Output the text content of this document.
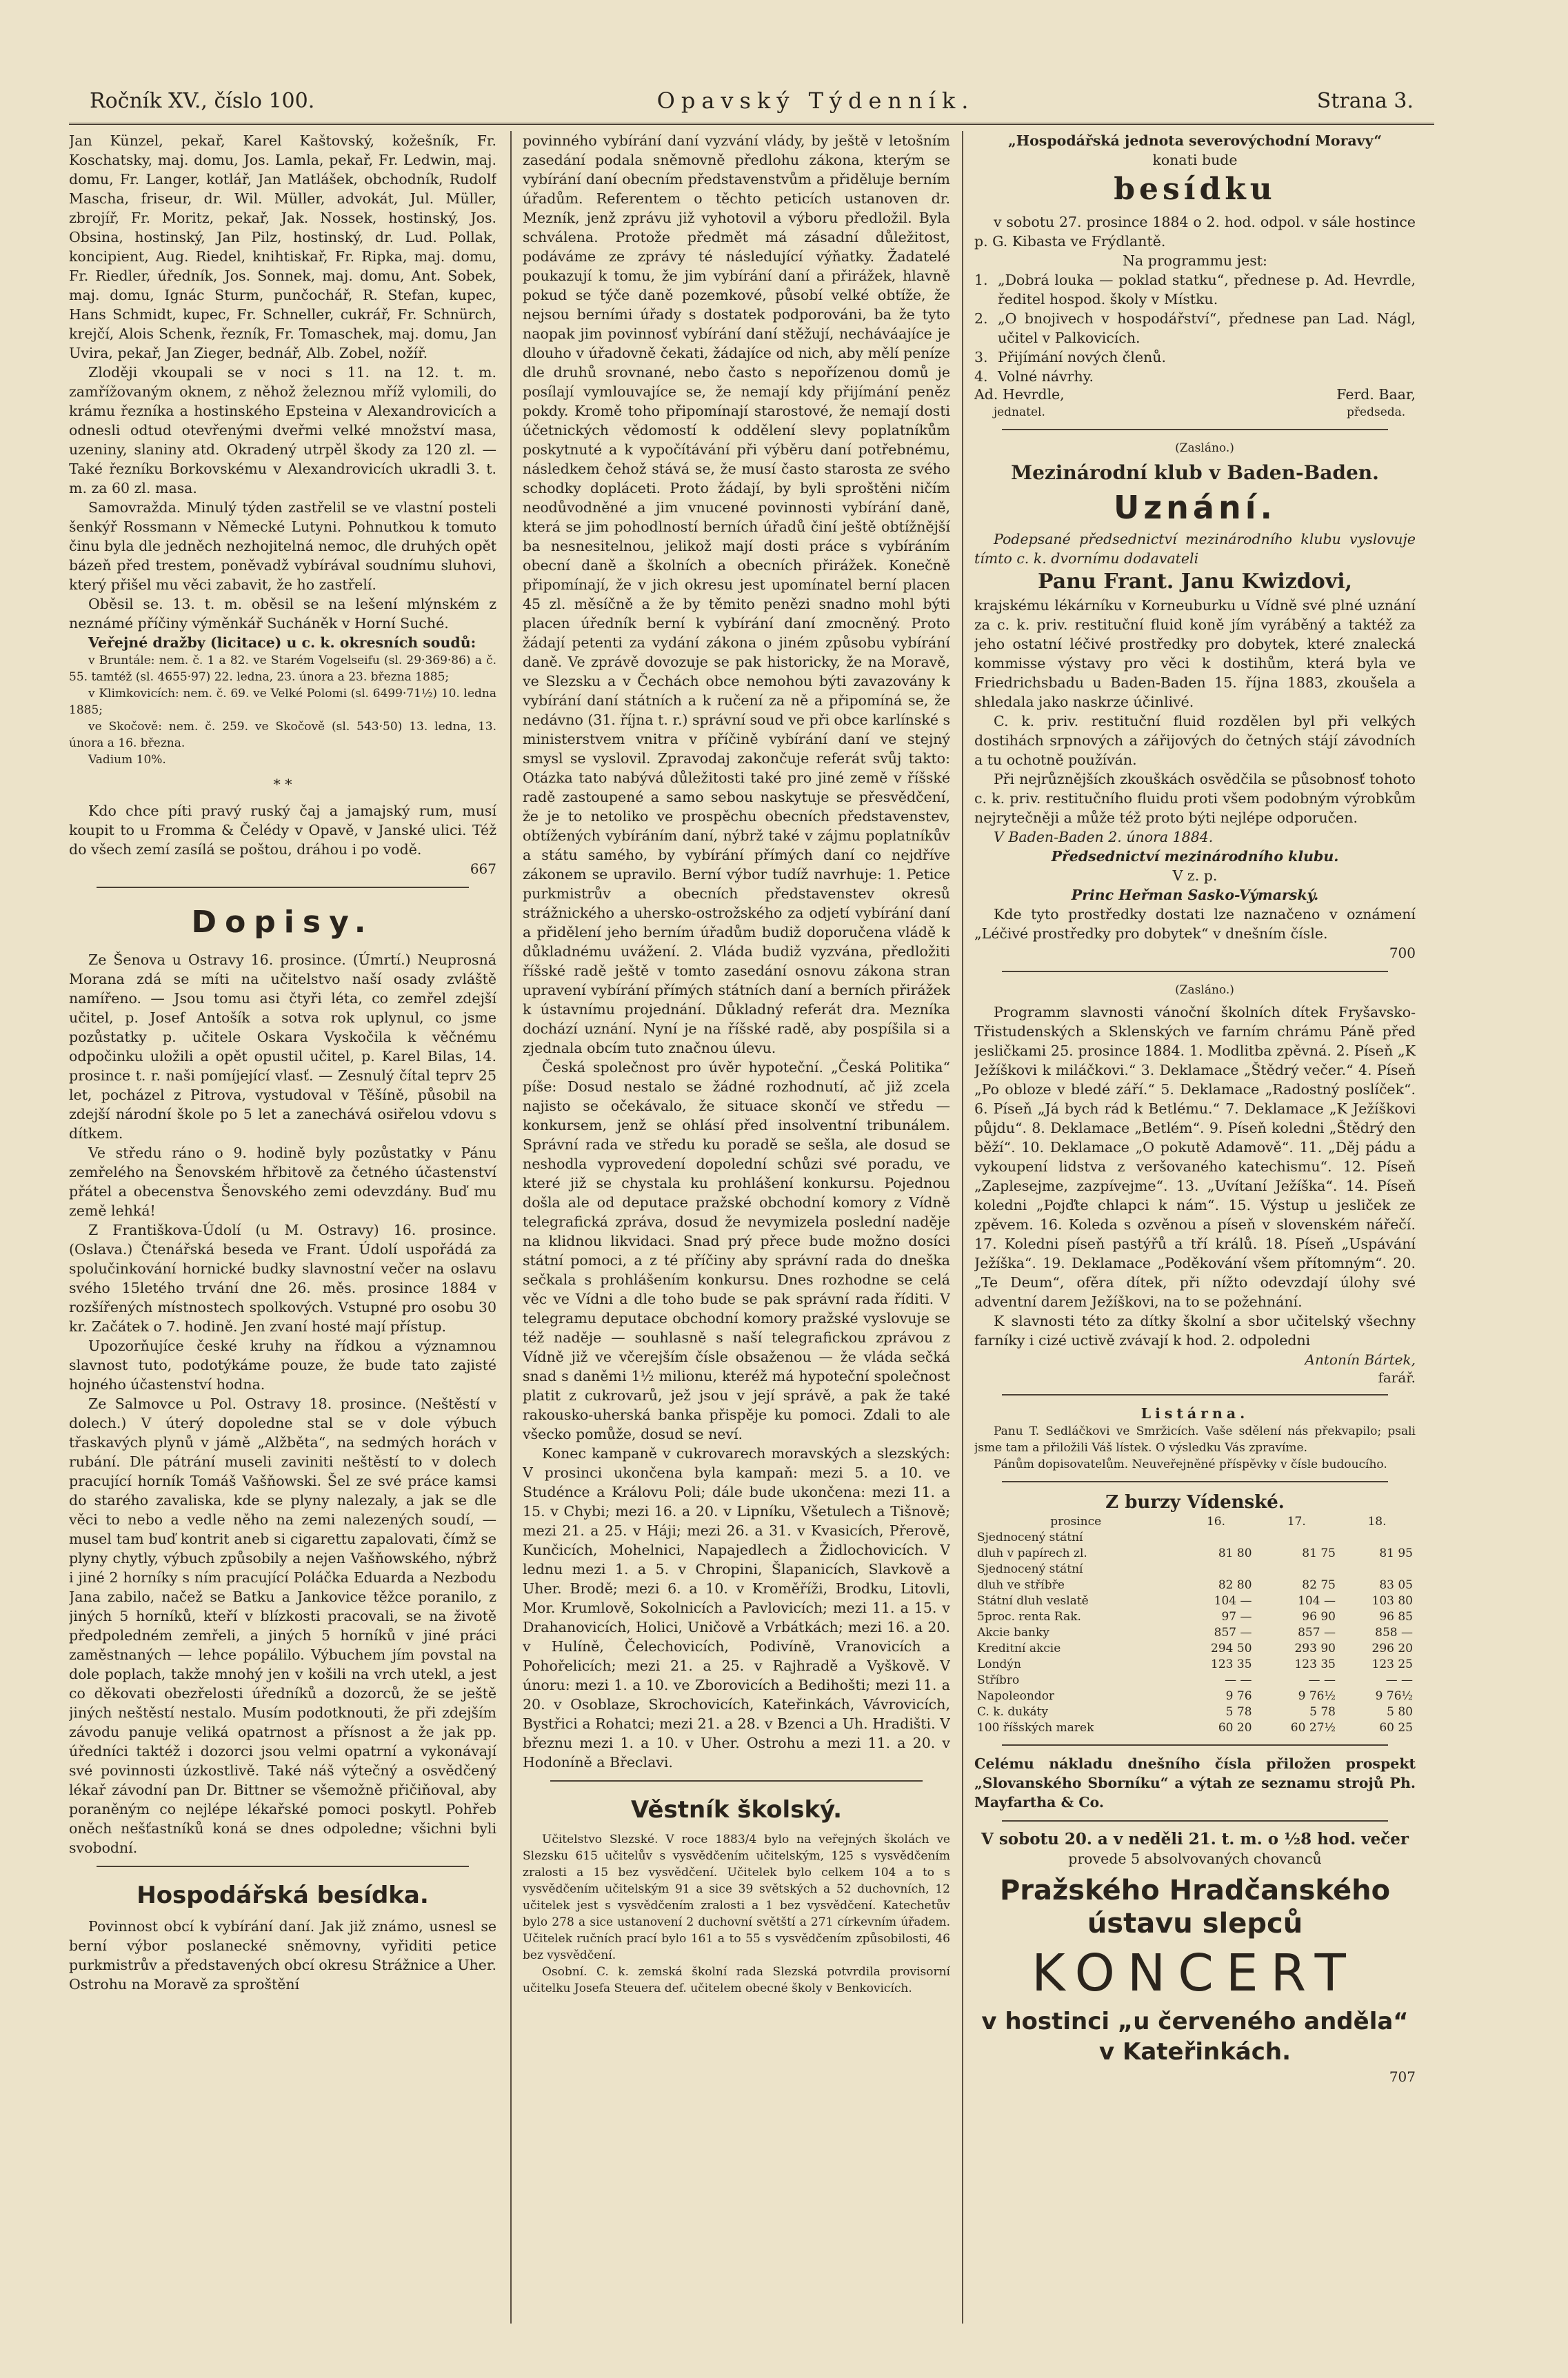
Ročník XV., číslo 100.	Opavský Týdenník.	Strana 3.

Jan Künzel, pekař, Karel Kaštovský, kožešník, Fr. Koschatsky, maj. domu, Jos. Lamla, pekař, Fr. Ledwin, maj. domu, Fr. Langer, kotlář, Jan Matlášek, obchodník, Rudolf Mascha, friseur, dr. Wil. Müller, advokát, Jul. Müller, zbrojíř, Fr. Moritz, pekař, Jak. Nossek, hostinský, Jos. Obsina, hostinský, Jan Pilz, hostinský, dr. Lud. Pollak, koncipient, Aug. Riedel, knihtiskař, Fr. Ripka, maj. domu, Fr. Riedler, úředník, Jos. Sonnek, maj. domu, Ant. Sobek, maj. domu, Ignác Sturm, punčochář, R. Stefan, kupec, Hans Schmidt, kupec, Fr. Schneller, cukrář, Fr. Schnürch, krejčí, Alois Schenk, řezník, Fr. Tomaschek, maj. domu, Jan Uvira, pekař, Jan Zieger, bednář, Alb. Zobel, nožíř.

Zloději vkoupali se v noci s 11. na 12. t. m. zamřížovaným oknem, z něhož železnou mříž vylomili, do krámu řezníka a hostinského Epsteina v Alexandrovicích a odnesli odtud otevřenými dveřmi velké množství masa, uzeniny, slaniny atd. Okradený utrpěl škody za 120 zl. — Také řezníku Borkovskému v Alexandrovicích ukradli 3. t. m. za 60 zl. masa.

Samovražda. Minulý týden zastřelil se ve vlastní posteli šenkýř Rossmann v Německé Lutyni. Pohnutkou k tomuto činu byla dle jedněch nezhojitelná nemoc, dle druhých opět bázeň před trestem, poněvadž vybírával soudnímu sluhovi, který přišel mu věci zabavit, že ho zastřelí.

Oběsil se. 13. t. m. oběsil se na lešení mlýnském z neznámé příčiny výměnkář Sucháněk v Horní Suché.

Veřejné dražby (licitace) u c. k. okresních soudů:

v Bruntále: nem. č. 1 a 82. ve Starém Vogelseifu (sl. 29·369·86) a č. 55. tamtéž (sl. 4655·97) 22. ledna, 23. února a 23. března 1885;

v Klimkovicích: nem. č. 69. ve Velké Polomi (sl. 6499·71½) 10. ledna 1885;

ve Skočově: nem. č. 259. ve Skočově (sl. 543·50) 13. ledna, 13. února a 16. března.

Vadium 10%.

* *

Kdo chce píti pravý ruský čaj a jamajský rum, musí koupit to u Fromma & Čelédy v Opavě, v Janské ulici. Též do všech zemí zasílá se poštou, dráhou i po vodě.

667

Dopisy.

Ze Šenova u Ostravy 16. prosince. (Úmrtí.) Neuprosná Morana zdá se míti na učitelstvo naší osady zvláště namířeno. — Jsou tomu asi čtyři léta, co zemřel zdejší učitel, p. Josef Antošík a sotva rok uplynul, co jsme pozůstatky p. učitele Oskara Vyskočila k věčnému odpočinku uložili a opět opustil učitel, p. Karel Bilas, 14. prosince t. r. naši pomíjející vlasť. — Zesnulý čítal teprv 25 let, pocházel z Pitrova, vystudoval v Těšíně, působil na zdejší národní škole po 5 let a zanechává osiřelou vdovu s dítkem.

Ve středu ráno o 9. hodině byly pozůstatky v Pánu zemřelého na Šenovském hřbitově za četného účastenství přátel a obecenstva Šenovského zemi odevzdány. Buď mu země lehká!

Z Františkova-Údolí (u M. Ostravy) 16. prosince. (Oslava.) Čtenářská beseda ve Frant. Údolí uspořádá za spolučinkování hornické budky slavnostní večer na oslavu svého 15letého trvání dne 26. měs. prosince 1884 v rozšířených místnostech spolkových. Vstupné pro osobu 30 kr. Začátek o 7. hodině. Jen zvaní hosté mají přístup.

Upozorňujíce české kruhy na řídkou a významnou slavnost tuto, podotýkáme pouze, že bude tato zajisté hojného účastenství hodna.

Ze Salmovce u Pol. Ostravy 18. prosince. (Neštěstí v dolech.) V úterý dopoledne stal se v dole výbuch třaskavých plynů v jámě „Alžběta“, na sedmých horách v rubání. Dle pátrání museli zaviniti neštěstí to v dolech pracující horník Tomáš Vašňowski. Šel ze své práce kamsi do starého zavaliska, kde se plyny nalezaly, a jak se dle věci to nebo a vedle něho na zemi nalezených soudí, — musel tam buď kontrit aneb si cigarettu zapalovati, čímž se plyny chytly, výbuch způsobily a nejen Vašňowského, nýbrž i jiné 2 horníky s ním pracující Poláčka Eduarda a Nezbodu Jana zabilo, načež se Batku a Jankovice těžce poranilo, z jiných 5 horníků, kteří v blízkosti pracovali, se na životě předpoledném zemřeli, a jiných 5 horníků v jiné práci zaměstnaných — lehce popálilo. Výbuchem jím povstal na dole poplach, takže mnohý jen v košili na vrch utekl, a jest co děkovati obezřelosti úředníků a dozorců, že se ještě jiných neštěstí nestalo. Musím podotknouti, že při zdejším závodu panuje veliká opatrnost a přísnost a že jak pp. úředníci taktéž i dozorci jsou velmi opatrní a vykonávají své povinnosti úzkostlivě. Také náš výtečný a osvědčený lékař závodní pan Dr. Bittner se všemožně přičiňoval, aby poraněným co nejlépe lékařské pomoci poskytl. Pohřeb oněch nešťastníků koná se dnes odpoledne; všichni byli svobodní.

Hospodářská besídka.

Povinnost obcí k vybírání daní. Jak již známo, usnesl se berní výbor poslanecké sněmovny, vyřiditi petice purkmistrův a představených obcí okresu Strážnice a Uher. Ostrohu na Moravě za sproštění

povinného vybírání daní vyzvání vlády, by ještě v letošním zasedání podala sněmovně předlohu zákona, kterým se vybírání daní obecním představenstvům a přiděluje berním úřadům. Referentem o těchto peticích ustanoven dr. Mezník, jenž zprávu již vyhotovil a výboru předložil. Byla schválena. Protože předmět má zásadní důležitost, podáváme ze zprávy té následující výňatky. Žadatelé poukazují k tomu, že jim vybírání daní a přirážek, hlavně pokud se týče daně pozemkové, působí velké obtíže, že nejsou berními úřady s dostatek podporováni, ba že tyto naopak jim povinnosť vybírání daní stěžují, necháváajíce je dlouho v úřadovně čekati, žádajíce od nich, aby mělí peníze dle druhů srovnané, nebo často s nepořízenou domů je posílají vymlouvajíce se, že nemají kdy přijímání peněz pokdy. Kromě toho připomínají starostové, že nemají dosti účetnických vědomostí k oddělení slevy poplatníkům poskytnuté a k vypočítávání při výběru daní potřebnému, následkem čehož stává se, že musí často starosta ze svého schodky dopláceti. Proto žádají, by byli sproštěni ničím neodůvodněné a jim vnucené povinnosti vybírání daně, která se jim pohodlností berních úřadů činí ještě obtížnější ba nesnesitelnou, jelikož mají dosti práce s vybíráním obecní daně a školních a obecních přirážek. Konečně připomínají, že v jich okresu jest upomínatel berní placen 45 zl. měsíčně a že by těmito penězi snadno mohl býti placen úředník berní k vybírání daní zmocněný. Proto žádají petenti za vydání zákona o jiném způsobu vybírání daně. Ve zprávě dovozuje se pak historicky, že na Moravě, ve Slezsku a v Čechách obce nemohou býti zavazovány k vybírání daní státních a k ručení za ně a připomíná se, že nedávno (31. října t. r.) správní soud ve při obce karlínské s ministerstvem vnitra v příčině vybírání daní ve stejný smysl se vyslovil. Zpravodaj zakončuje referát svůj takto: Otázka tato nabývá důležitosti také pro jiné země v říšské radě zastoupené a samo sebou naskytuje se přesvědčení, že je to netoliko ve prospěchu obecních představenstev, obtížených vybíráním daní, nýbrž také v zájmu poplatníkův a státu samého, by vybírání přímých daní co nejdříve zákonem se upravilo. Berní výbor tudíž navrhuje: 1. Petice purkmistrův a obecních představenstev okresů strážnického a uhersko-ostrožského za odjetí vybírání daní a přidělení jeho berním úřadům budiž doporučena vládě k důkladnému uvážení. 2. Vláda budiž vyzvána, předložiti říšské radě ještě v tomto zasedání osnovu zákona stran upravení vybírání přímých státních daní a berních přirážek k ústavnímu projednání. Důkladný referát dra. Mezníka dochází uznání. Nyní je na říšské radě, aby pospíšila si a zjednala obcím tuto značnou úlevu.

Česká společnost pro úvěr hypoteční. „Česká Politika“ píše: Dosud nestalo se žádné rozhodnutí, ač již zcela najisto se očekávalo, že situace skončí ve středu — konkursem, jenž se ohlásí před insolventní tribunálem. Správní rada ve středu ku poradě se sešla, ale dosud se neshodla vyprovedení dopolední schůzi své poradu, ve které již se chystala ku prohlášení konkursu. Pojednou došla ale od deputace pražské obchodní komory z Vídně telegrafická zpráva, dosud že nevymizela poslední naděje na klidnou likvidaci. Snad prý přece bude možno dosíci státní pomoci, a z té příčiny aby správní rada do dneška sečkala s prohlášením konkursu. Dnes rozhodne se celá věc ve Vídni a dle toho bude se pak správní rada říditi. V telegramu deputace obchodní komory pražské vyslovuje se též naděje — souhlasně s naší telegrafickou zprávou z Vídně již ve včerejším čísle obsaženou — že vláda sečká snad s daněmi 1½ milionu, kteréž má hypoteční společnost platit z cukrovarů, jež jsou v její správě, a pak že také rakousko-uherská banka přispěje ku pomoci. Zdali to ale všecko pomůže, dosud se neví.

Konec kampaně v cukrovarech moravských a slezských: V prosinci ukončena byla kampaň: mezi 5. a 10. ve Studénce a Královu Poli; dále bude ukončena: mezi 11. a 15. v Chybi; mezi 16. a 20. v Lipníku, Všetulech a Tišnově; mezi 21. a 25. v Háji; mezi 26. a 31. v Kvasicích, Přerově, Kunčicích, Mohelnici, Napajedlech a Židlochovicích. V lednu mezi 1. a 5. v Chropini, Šlapanicích, Slavkově a Uher. Brodě; mezi 6. a 10. v Kroměříži, Brodku, Litovli, Mor. Krumlově, Sokolnicích a Pavlovicích; mezi 11. a 15. v Drahanovicích, Holici, Uničově a Vrbátkách; mezi 16. a 20. v Hulíně, Čelechovicích, Podivíně, Vranovicích a Pohořelicích; mezi 21. a 25. v Rajhradě a Vyškově. V únoru: mezi 1. a 10. ve Zborovicích a Bedihošti; mezi 11. a 20. v Osoblaze, Skrochovicích, Kateřinkách, Vávrovicích, Bystřici a Rohatci; mezi 21. a 28. v Bzenci a Uh. Hradišti. V březnu mezi 1. a 10. v Uher. Ostrohu a mezi 11. a 20. v Hodoníně a Břeclavi.

Věstník školský.

Učitelstvo Slezské. V roce 1883/4 bylo na veřejných školách ve Slezsku 615 učitelův s vysvědčením učitelským, 125 s vysvědčením zralosti a 15 bez vysvědčení. Učitelek bylo celkem 104 a to s vysvědčením učitelským 91 a sice 39 světských a 52 duchovních, 12 učitelek jest s vysvědčením zralosti a 1 bez vysvědčení. Katechetův bylo 278 a sice ustanovení 2 duchovní světští a 271 církevním úřadem. Učitelek ručních prací bylo 161 a to 55 s vysvědčením způsobilosti, 46 bez vysvědčení.

Osobní. C. k. zemská školní rada Slezská potvrdila provisorní učitelku Josefa Steuera def. učitelem obecné školy v Benkovicích.

„Hospodářská jednota severovýchodní Moravy“

konati bude

besídku

v sobotu 27. prosince 1884 o 2. hod. odpol. v sále hostince p. G. Kibasta ve Frýdlantě.

Na programmu jest:

1. „Dobrá louka — poklad statku“, přednese p. Ad. Hevrdle, ředitel hospod. školy v Místku.

2. „O bnojivech v hospodářství“, přednese pan Lad. Nágl, učitel v Palkovicích.

3. Přijímání nových členů.

4. Volné návrhy.

Ad. Hevrdle,
jednatel.
Ferd. Baar,
předseda.

(Zasláno.)

Mezinárodní klub v Baden-Baden.

Uznání.

Podepsané předsednictví mezinárodního klubu vyslovuje tímto c. k. dvornímu dodavateli

Panu Frant. Janu Kwizdovi,

krajskému lékárníku v Korneuburku u Vídně své plné uznání za c. k. priv. restituční fluid koně jím vyráběný a taktéž za jeho ostatní léčivé prostředky pro dobytek, které znalecká kommisse výstavy pro věci k dostihům, která byla ve Friedrichsbadu u Baden-Baden 15. října 1883, zkoušela a shledala jako naskrze účinlivé.

C. k. priv. restituční fluid rozdělen byl při velkých dostihách srpnových a zářijových do četných stájí závodních a tu ochotně používán.

Při nejrůznějších zkouškách osvědčila se působnosť tohoto c. k. priv. restitučního fluidu proti všem podobným výrobkům nejrytečněji a může též proto býti nejlépe odporučen.

V Baden-Baden 2. února 1884.

Předsednictví mezinárodního klubu.

V z. p.

Princ Heřman Sasko-Výmarský.

Kde tyto prostředky dostati lze naznačeno v oznámení „Léčivé prostředky pro dobytek“ v dnešním čísle.

700

(Zasláno.)

Programm slavnosti vánoční školních dítek Fryšavsko-Třistudenských a Sklenských ve farním chrámu Páně před jesličkami 25. prosince 1884. 1. Modlitba zpěvná. 2. Píseň „K Ježíškovi k miláčkovi.“ 3. Deklamace „Štědrý večer.“ 4. Píseň „Po obloze v bledé září.“ 5. Deklamace „Radostný poslíček“. 6. Píseň „Já bych rád k Betlému.“ 7. Deklamace „K Ježíškovi půjdu“. 8. Deklamace „Betlém“. 9. Píseň koledni „Štědrý den běží“. 10. Deklamace „O pokutě Adamově“. 11. „Děj pádu a vykoupení lidstva z veršovaného katechismu“. 12. Píseň „Zaplesejme, zazpívejme“. 13. „Uvítaní Ježíška“. 14. Píseň koledni „Pojďte chlapci k nám“. 15. Výstup u jesliček ze zpěvem. 16. Koleda s ozvěnou a píseň v slovenském nářečí. 17. Koledni píseň pastýřů a tří králů. 18. Píseň „Uspávání Ježíška“. 19. Deklamace „Poděkování všem přítomným“. 20. „Te Deum“, ofěra dítek, při nížto odevzdají úlohy své adventní darem Ježíškovi, na to se požehnání.

K slavnosti této za dítky školní a sbor učitelský všechny farníky i cizé uctivě zvávají k hod. 2. odpoledni

Antonín Bártek,

farář.

Listárna.

Panu T. Sedláčkovi ve Smržicích. Vaše sdělení nás překvapilo; psali jsme tam a přiložili Váš lístek. O výsledku Vás zpravíme.

Pánům dopisovatelům. Neuveřejněné příspěvky v čísle budoucího.

Z burzy Vídenské.

prosince	16.	17.	18.
Sjednocený státní			
dluh v papírech zl.	81 80	81 75	81 95
Sjednocený státní			
dluh ve stříbře	82 80	82 75	83 05
Státní dluh veslatě	104 —	104 —	103 80
5proc. renta Rak.	97 —	96 90	96 85
Akcie banky	857 —	857 —	858 —
Kreditní akcie	294 50	293 90	296 20
Londýn	123 35	123 35	123 25
Stříbro	— —	— —	— —
Napoleondor	9 76	9 76½	9 76½
C. k. dukáty	5 78	5 78	5 80
100 říšských marek	60 20	60 27½	60 25

Celému nákladu dnešního čísla přiložen prospekt „Slovanského Sborníku“ a výtah ze seznamu strojů Ph. Mayfartha & Co.

V sobotu 20. a v neděli 21. t. m. o ½8 hod. večer

provede 5 absolvovaných chovanců

Pražského Hradčanského ústavu slepců
KONCERT
v hostinci „u červeného anděla“
v Kateřinkách.

707
